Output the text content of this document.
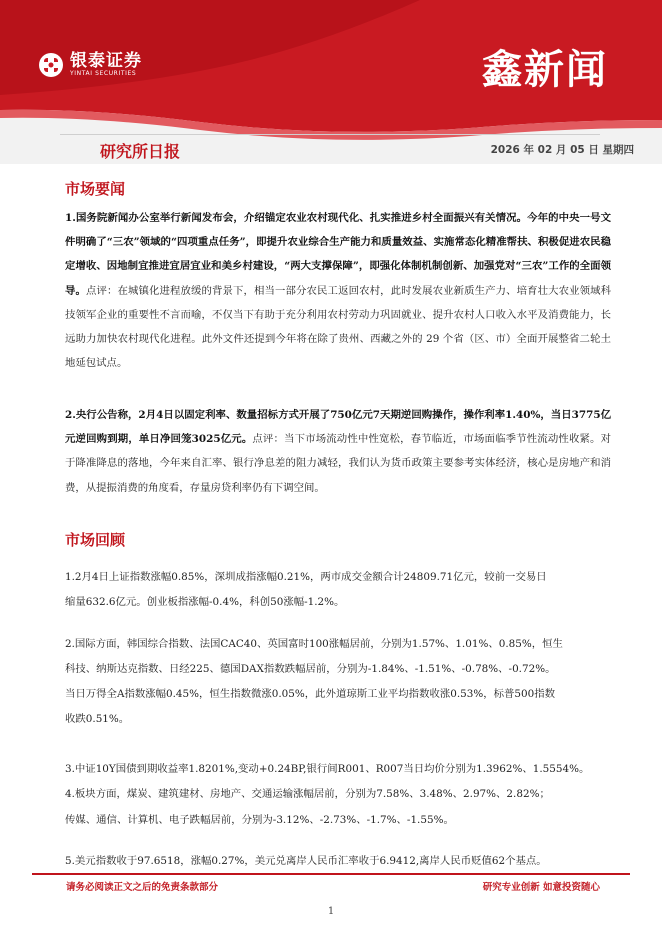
银泰证券
YINTAI SECURITIES	鑫新闻
研究所日报	2026 年 02 月 05 日 星期四
市场要闻
1.国务院新闻办公室举行新闻发布会，介绍锚定农业农村现代化、扎实推进乡村全面振兴有关情况。今年的中央一号文件明确了“三农”领域的“四项重点任务”，即提升农业综合生产能力和质量效益、实施常态化精准帮扶、积极促进农民稳定增收、因地制宜推进宜居宜业和美乡村建设，“两大支撑保障”，即强化体制机制创新、加强党对“三农”工作的全面领导。点评：在城镇化进程放缓的背景下，相当一部分农民工返回农村，此时发展农业新质生产力、培育壮大农业领域科技领军企业的重要性不言而喻，不仅当下有助于充分利用农村劳动力巩固就业、提升农村人口收入水平及消费能力，长远助力加快农村现代化进程。此外文件还提到今年将在除了贵州、西藏之外的 29 个省（区、市）全面开展整省二轮土地延包试点。
2.央行公告称，2月4日以固定利率、数量招标方式开展了750亿元7天期逆回购操作，操作利率1.40%，当日3775亿元逆回购到期，单日净回笼3025亿元。点评：当下市场流动性中性宽松，春节临近，市场面临季节性流动性收紧。对于降准降息的落地，今年来自汇率、银行净息差的阻力减轻，我们认为货币政策主要参考实体经济，核心是房地产和消费，从提振消费的角度看，存量房贷利率仍有下调空间。
市场回顾
1.2月4日上证指数涨幅0.85%，深圳成指涨幅0.21%，两市成交金额合计24809.71亿元，较前一交易日
缩量632.6亿元。创业板指涨幅-0.4%，科创50涨幅-1.2%。
2.国际方面，韩国综合指数、法国CAC40、英国富时100涨幅居前，分别为1.57%、1.01%、0.85%，恒生
科技、纳斯达克指数、日经225、德国DAX指数跌幅居前，分别为-1.84%、-1.51%、-0.78%、-0.72%。
当日万得全A指数涨幅0.45%，恒生指数微涨0.05%，此外道琼斯工业平均指数收涨0.53%，标普500指数
收跌0.51%。
3.中证10Y国债到期收益率1.8201%,变动+0.24BP,银行间R001、R007当日均价分别为1.3962%、1.5554%。
4.板块方面，煤炭、建筑建材、房地产、交通运输涨幅居前，分别为7.58%、3.48%、2.97%、2.82%；
传媒、通信、计算机、电子跌幅居前，分别为-3.12%、-2.73%、-1.7%、-1.55%。
5.美元指数收于97.6518，涨幅0.27%，美元兑离岸人民币汇率收于6.9412,离岸人民币贬值62个基点。
请务必阅读正文之后的免责条款部分	研究专业创新 如意投资随心
1
